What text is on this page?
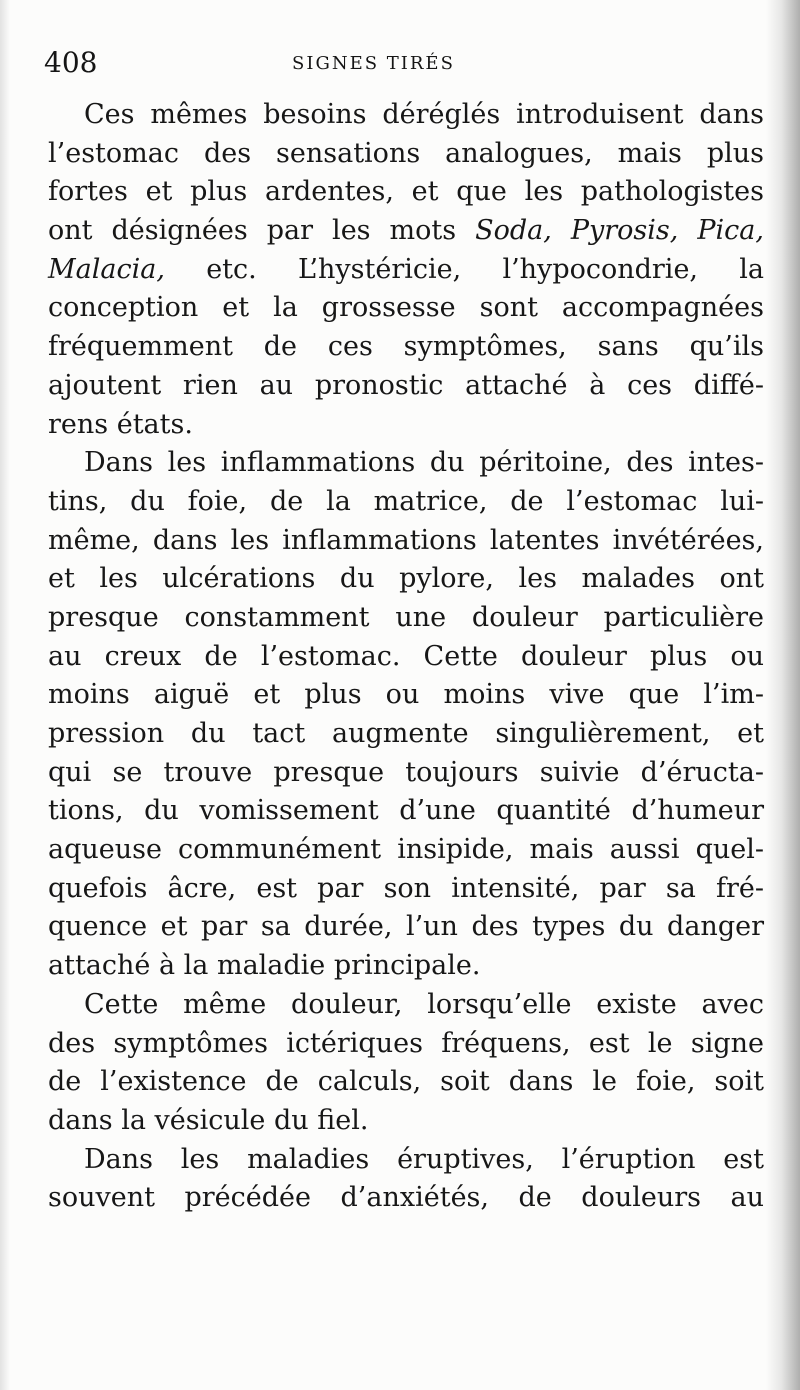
408	SIGNES TIRÉS
Ces mêmes besoins déréglés introduisent dans
l’estomac des sensations analogues, mais plus
fortes et plus ardentes, et que les pathologistes
ont désignées par les mots Soda, Pyrosis, Pica,
Malacia, etc. L’hystéricie, l’hypocondrie, la
conception et la grossesse sont accompagnées
fréquemment de ces symptômes, sans qu’ils
ajoutent rien au pronostic attaché à ces diffé-
rens états.
Dans les inflammations du péritoine, des intes-
tins, du foie, de la matrice, de l’estomac lui-
même, dans les inflammations latentes invétérées,
et les ulcérations du pylore, les malades ont
presque constamment une douleur particulière
au creux de l’estomac. Cette douleur plus ou
moins aiguë et plus ou moins vive que l’im-
pression du tact augmente singulièrement, et
qui se trouve presque toujours suivie d’éructa-
tions, du vomissement d’une quantité d’humeur
aqueuse communément insipide, mais aussi quel-
quefois âcre, est par son intensité, par sa fré-
quence et par sa durée, l’un des types du danger
attaché à la maladie principale.
Cette même douleur, lorsqu’elle existe avec
des symptômes ictériques fréquens, est le signe
de l’existence de calculs, soit dans le foie, soit
dans la vésicule du fiel.
Dans les maladies éruptives, l’éruption est
souvent précédée d’anxiétés, de douleurs au
